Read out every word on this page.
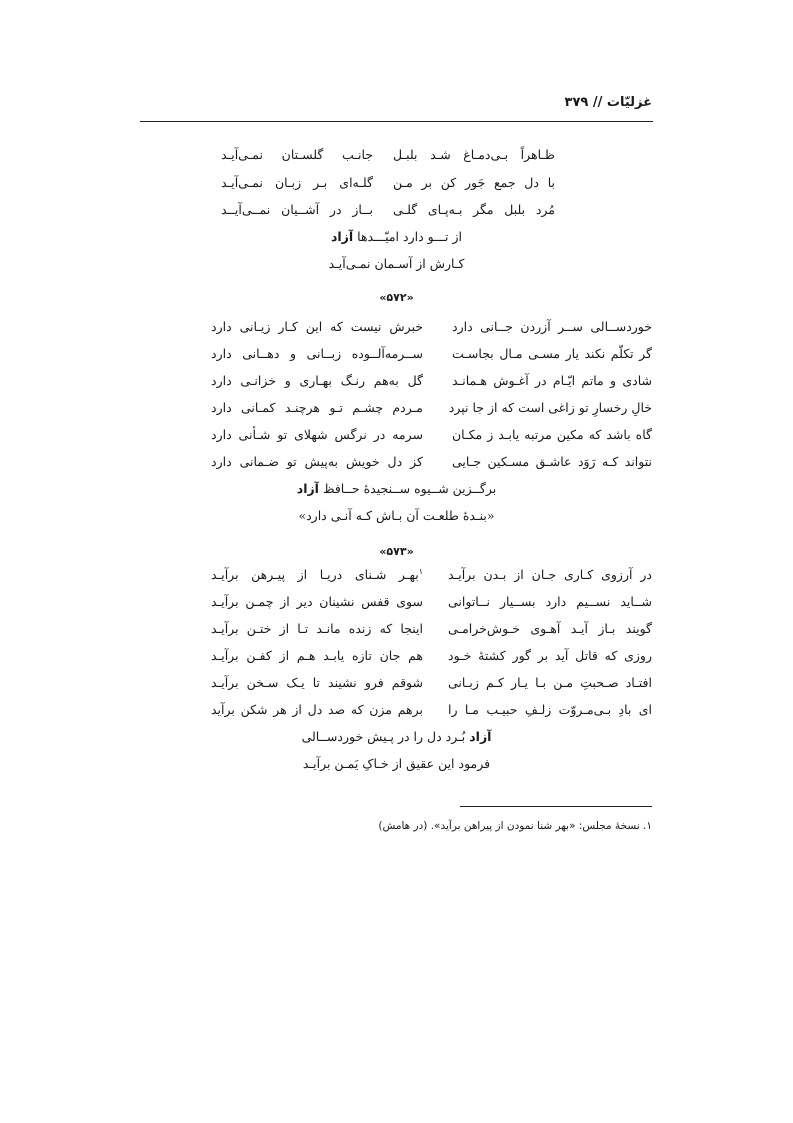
غزلیّات // ۳۷۹
ظـاهراً بـی‌دمـاغ شـد بلبـل
جانـب گلسـتان نمـی‌آیـد
با دل جمع جَور کن بر مـن
گلـه‌ای بـر زبـان نمـی‌آیـد
مُرد بلبل مگر بـه‌پـای گلـی
بــاز در آشــیان نمــی‌آیــد
از تـــو دارد امیّـــدها آزاد
کـارش از آسـمان نمـی‌آیـد
«۵۷۲»
خوردســالی ســر آزردن جــانی دارد
خبرش نیست که این کـار زیـانی دارد
گر تکلّم نکند یار مسـی مـال بجاسـت
ســرمه‌آلــوده زبــانی و دهــانی دارد
شادی و ماتم ایّـام در آغـوش هـمانـد
گل به‌هم رنـگ بهـاری و خزانـی دارد
خالِ رخسارِ تو زاغی است که از جا نپرد
مـردم چشـم تـو هرچنـد کمـانی دارد
گاه باشد که مکین مرتبه یابـد ز مکـان
سرمه در نرگس شهلای تو شـأنی دارد
نتواند کـه رَوَد عاشـق مسـکین جـایی
کز دل خویش به‌پیش تو ضـمانی دارد
برگــزین شــیوه ســنجیدهٔ حــافظ آزاد
«بنـدهٔ طلعـت آن بـاش کـه آنـی دارد»
«۵۷۳»
در آرزوی کـاری جـان از بـدن برآیـد
$^۱$بهـر شـنای دریـا از پیـرهن برآیـد
شــاید نســیم دارد بســیار نــاتوانی
سوی قفس نشینان دیر از چمـن برآیـد
گویند بـاز آیـد آهـوی خـوش‌خرامـی
اینجا که زنده مانـد تـا از ختـن برآیـد
روزی که قاتل آید بر گور کشتهٔ خـود
هم جان تازه یابـد هـم از کفـن برآیـد
افتـاد صـحبتِ مـن بـا یـار کـم زبـانی
شوقم فرو نشیند تا یـک سـخن برآیـد
ای بادِ بـی‌مـروّت زلـفِ حبیـب مـا را
برهم مزن که صد دل از هر شکن برآید
آزاد بُـرد دل را در پـیش خوردســالی
فرمود این عقیق از خـاکِ یَمـن برآیـد
۱. نسخهٔ مجلس: «بهر شنا نمودن از پیراهن برآید». (در هامش)
